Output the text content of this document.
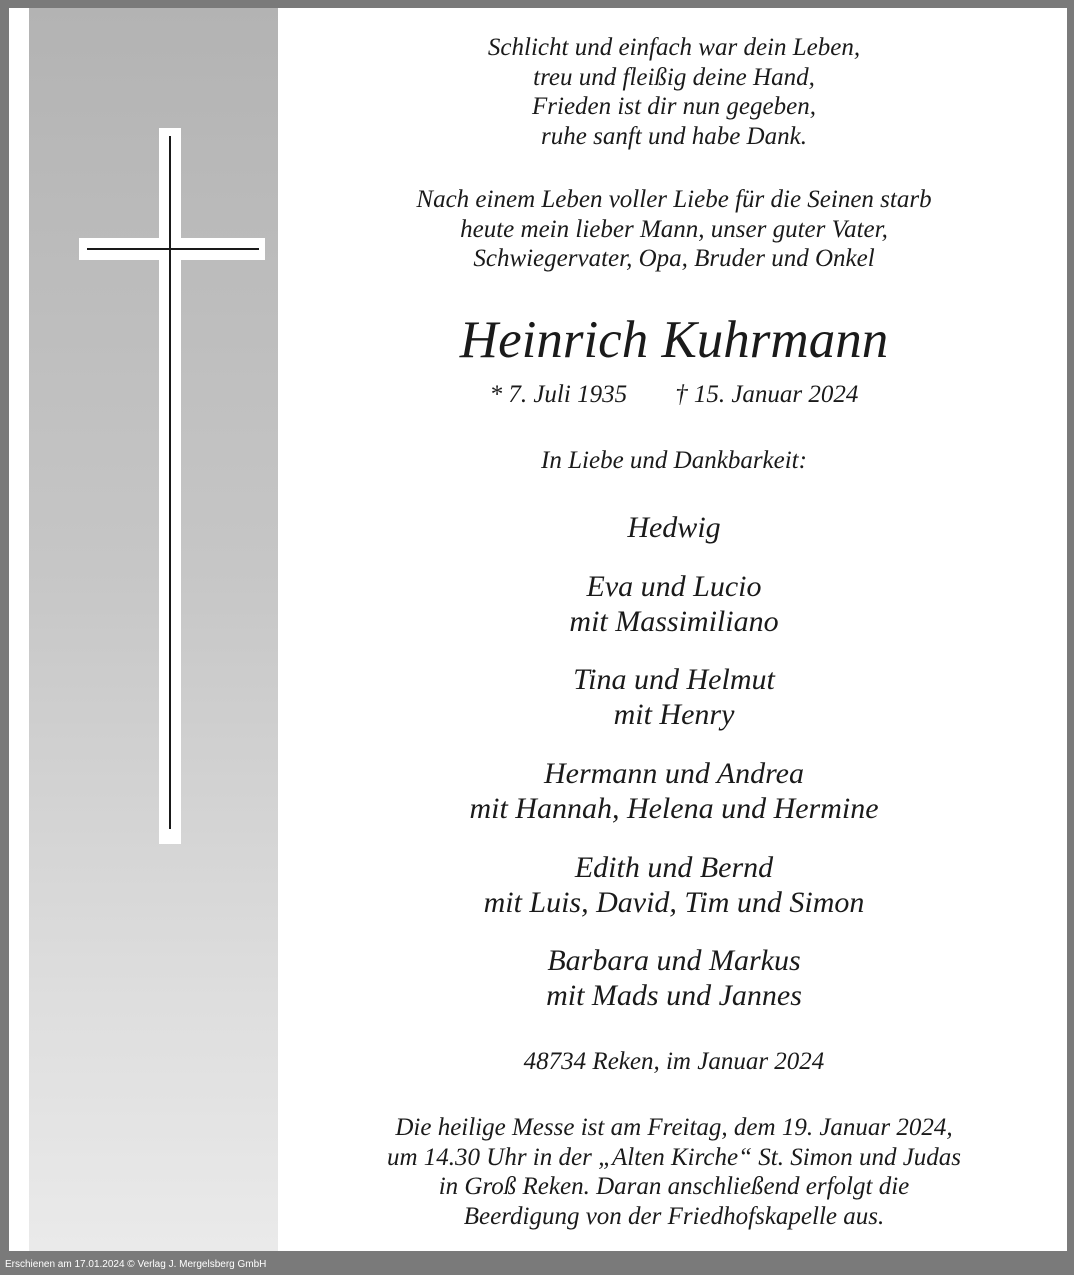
Schlicht und einfach war dein Leben,
treu und fleißig deine Hand,
Frieden ist dir nun gegeben,
ruhe sanft und habe Dank.
Nach einem Leben voller Liebe für die Seinen starb
heute mein lieber Mann, unser guter Vater,
Schwiegervater, Opa, Bruder und Onkel
Heinrich Kuhrmann
* 7. Juli 1935 † 15. Januar 2024
In Liebe und Dankbarkeit:
Hedwig
Eva und Lucio
mit Massimiliano
Tina und Helmut
mit Henry
Hermann und Andrea
mit Hannah, Helena und Hermine
Edith und Bernd
mit Luis, David, Tim und Simon
Barbara und Markus
mit Mads und Jannes
48734 Reken, im Januar 2024
Die heilige Messe ist am Freitag, dem 19. Januar 2024,
um 14.30 Uhr in der „Alten Kirche“ St. Simon und Judas
in Groß Reken. Daran anschließend erfolgt die
Beerdigung von der Friedhofskapelle aus.
Erschienen am 17.01.2024 © Verlag J. Mergelsberg GmbH
